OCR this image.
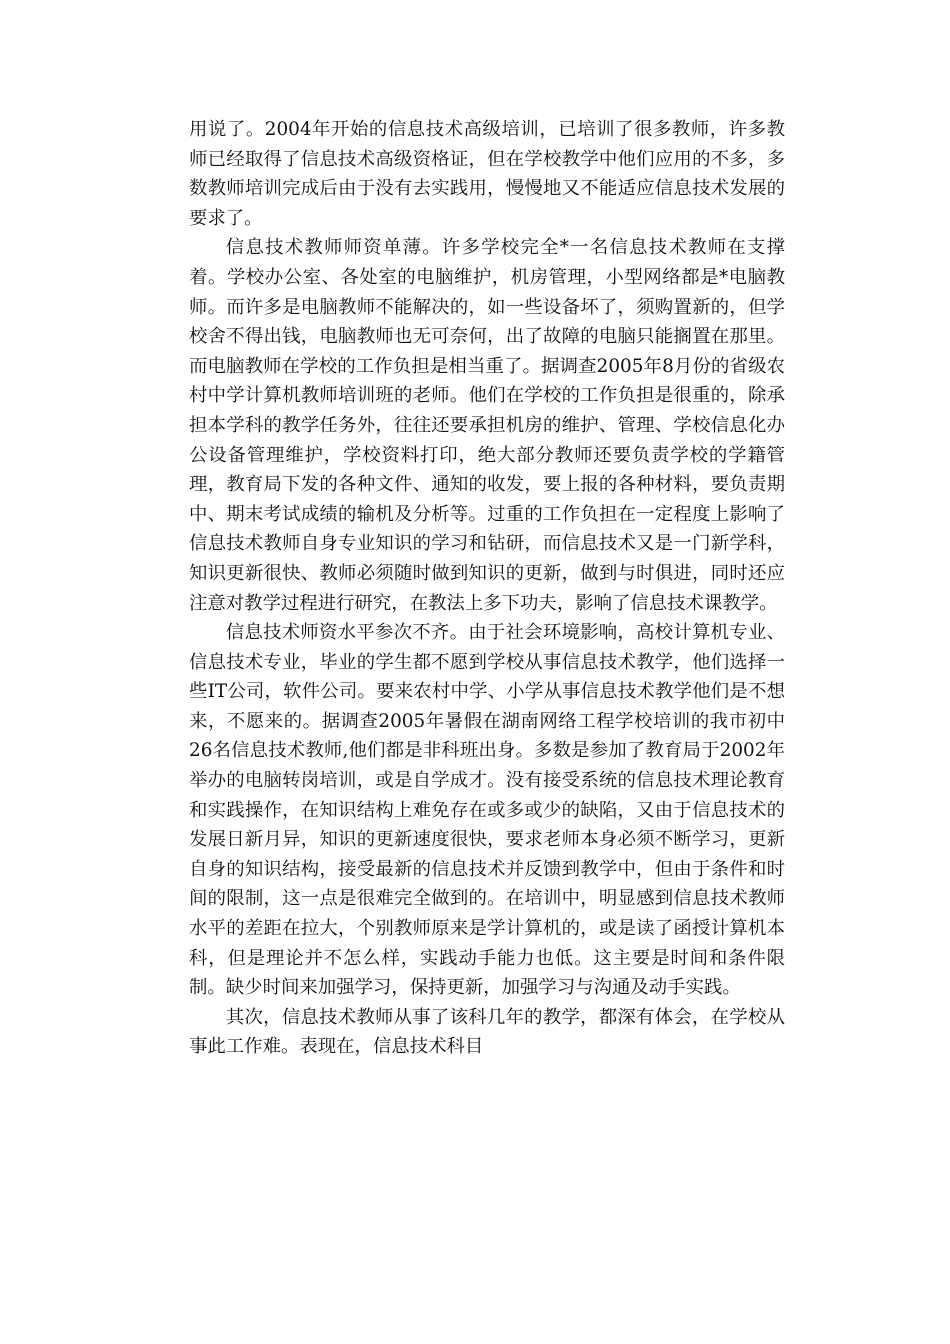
用说了。2004年开始的信息技术高级培训，已培训了很多教师，许多教师已经取得了信息技术高级资格证，但在学校教学中他们应用的不多，多数教师培训完成后由于没有去实践用，慢慢地又不能适应信息技术发展的要求了。

信息技术教师师资单薄。许多学校完全*一名信息技术教师在支撑着。学校办公室、各处室的电脑维护，机房管理，小型网络都是*电脑教师。而许多是电脑教师不能解决的，如一些设备坏了，须购置新的，但学校舍不得出钱，电脑教师也无可奈何，出了故障的电脑只能搁置在那里。而电脑教师在学校的工作负担是相当重了。据调查2005年8月份的省级农村中学计算机教师培训班的老师。他们在学校的工作负担是很重的，除承担本学科的教学任务外，往往还要承担机房的维护、管理、学校信息化办公设备管理维护，学校资料打印，绝大部分教师还要负责学校的学籍管理，教育局下发的各种文件、通知的收发，要上报的各种材料，要负责期中、期末考试成绩的输机及分析等。过重的工作负担在一定程度上影响了信息技术教师自身专业知识的学习和钻研，而信息技术又是一门新学科，知识更新很快、教师必须随时做到知识的更新，做到与时俱进，同时还应注意对教学过程进行研究，在教法上多下功夫，影响了信息技术课教学。

信息技术师资水平参次不齐。由于社会环境影响，高校计算机专业、信息技术专业，毕业的学生都不愿到学校从事信息技术教学，他们选择一些IT公司，软件公司。要来农村中学、小学从事信息技术教学他们是不想来，不愿来的。据调查2005年暑假在湖南网络工程学校培训的我市初中26名信息技术教师,他们都是非科班出身。多数是参加了教育局于2002年举办的电脑转岗培训，或是自学成才。没有接受系统的信息技术理论教育和实践操作，在知识结构上难免存在或多或少的缺陷，又由于信息技术的发展日新月异，知识的更新速度很快，要求老师本身必须不断学习，更新自身的知识结构，接受最新的信息技术并反馈到教学中，但由于条件和时间的限制，这一点是很难完全做到的。在培训中，明显感到信息技术教师水平的差距在拉大，个别教师原来是学计算机的，或是读了函授计算机本科，但是理论并不怎么样，实践动手能力也低。这主要是时间和条件限制。缺少时间来加强学习，保持更新，加强学习与沟通及动手实践。

其次，信息技术教师从事了该科几年的教学，都深有体会，在学校从事此工作难。表现在，信息技术科目
